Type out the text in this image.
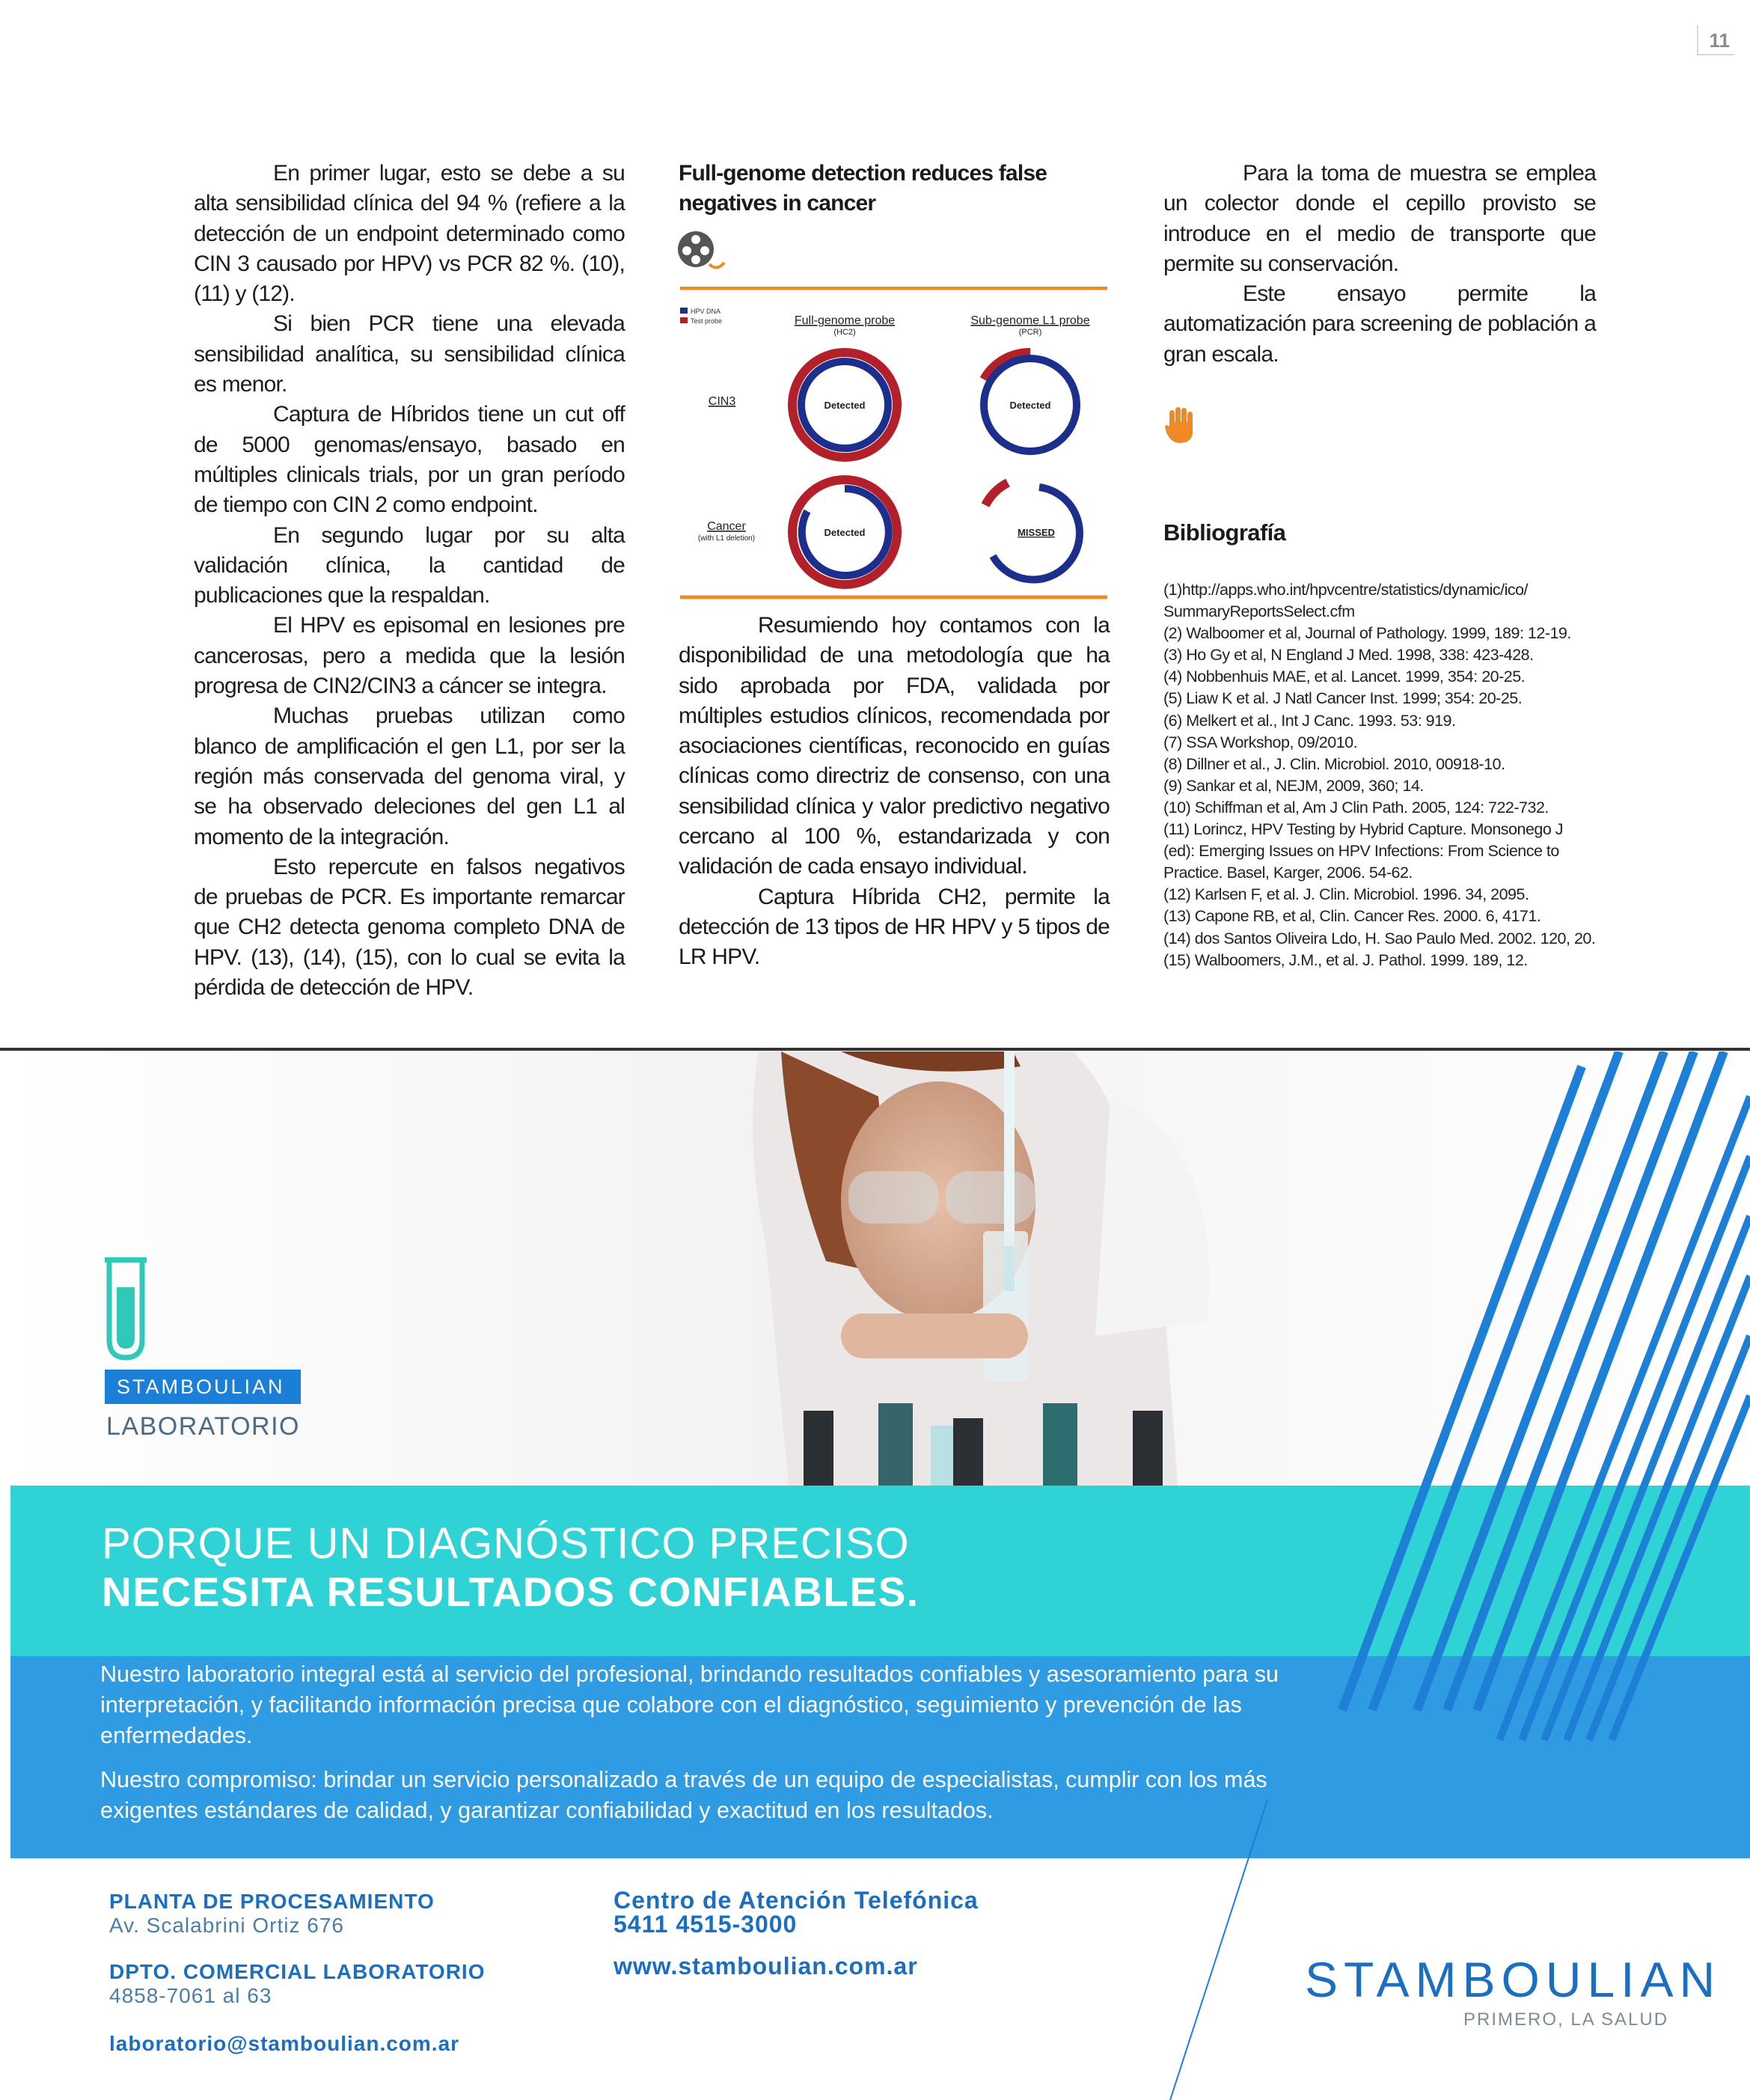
11

En primer lugar, esto se debe a su alta sensibilidad clínica del 94 % (refiere a la detección de un endpoint determinado como CIN 3 causado por HPV) vs PCR 82 %. (10), (11) y (12).

Si bien PCR tiene una elevada sensibilidad analítica, su sensibilidad clínica es menor.

Captura de Híbridos tiene un cut off de 5000 genomas/ensayo, basado en múltiples clinicals trials, por un gran período de tiempo con CIN 2 como endpoint.

En segundo lugar por su alta validación clínica, la cantidad de publicaciones que la respaldan.

El HPV es episomal en lesiones pre cancerosas, pero a medida que la lesión progresa de CIN2/CIN3 a cáncer se integra.

Muchas pruebas utilizan como blanco de amplificación el gen L1, por ser la región más conservada del genoma viral, y se ha observado deleciones del gen L1 al momento de la integración.

Esto repercute en falsos negativos de pruebas de PCR. Es importante remarcar que CH2 detecta genoma completo DNA de HPV. (13), (14), (15), con lo cual se evita la pérdida de detección de HPV.

Full-genome detection reduces false negatives in cancer
HPV DNA
Test probe	Full-genome probe
(HC2)
Sub-genome L1 probe
(PCR)
CIN3
Cancer
(with L1 deletion)
Detected	Detected
Detected	MISSED

Resumiendo hoy contamos con la disponibilidad de una metodología que ha sido aprobada por FDA, validada por múltiples estudios clínicos, recomendada por asociaciones científicas, reconocido en guías clínicas como directriz de consenso, con una sensibilidad clínica y valor predictivo negativo cercano al 100 %, estandarizada y con validación de cada ensayo individual.

Captura Híbrida CH2, permite la detección de 13 tipos de HR HPV y 5 tipos de LR HPV.

Para la toma de muestra se emplea un colector donde el cepillo provisto se introduce en el medio de transporte que permite su conservación.

Este ensayo permite la automatización para screening de población a gran escala.

Bibliografía
(1)http://apps.who.int/hpvcentre/statistics/dynamic/ico/ SummaryReportsSelect.cfm
(2) Walboomer et al, Journal of Pathology. 1999, 189: 12-19.
(3) Ho Gy et al, N England J Med. 1998, 338: 423-428.
(4) Nobbenhuis MAE, et al. Lancet. 1999, 354: 20-25.
(5) Liaw K et al. J Natl Cancer Inst. 1999; 354: 20-25.
(6) Melkert et al., Int J Canc. 1993. 53: 919.
(7) SSA Workshop, 09/2010.
(8) Dillner et al., J. Clin. Microbiol. 2010, 00918-10.
(9) Sankar et al, NEJM, 2009, 360; 14.
(10) Schiffman et al, Am J Clin Path. 2005, 124: 722-732.
(11) Lorincz, HPV Testing by Hybrid Capture. Monsonego J (ed): Emerging Issues on HPV Infections: From Science to Practice. Basel, Karger, 2006. 54-62.
(12) Karlsen F, et al. J. Clin. Microbiol. 1996. 34, 2095.
(13) Capone RB, et al, Clin. Cancer Res. 2000. 6, 4171.
(14) dos Santos Oliveira Ldo, H. Sao Paulo Med. 2002. 120, 20.
(15) Walboomers, J.M., et al. J. Pathol. 1999. 189, 12.
STAMBOULIAN
LABORATORIO
PORQUE UN DIAGNÓSTICO PRECISO
NECESITA RESULTADOS CONFIABLES.

Nuestro laboratorio integral está al servicio del profesional, brindando resultados confiables y asesoramiento para su interpretación, y facilitando información precisa que colabore con el diagnóstico, seguimiento y prevención de las enfermedades.

Nuestro compromiso: brindar un servicio personalizado a través de un equipo de especialistas, cumplir con los más exigentes estándares de calidad, y garantizar confiabilidad y exactitud en los resultados.

PLANTA DE PROCESAMIENTO
Av. Scalabrini Ortiz 676
DPTO. COMERCIAL LABORATORIO
4858-7061 al 63
laboratorio@stamboulian.com.ar
Centro de Atención Telefónica
5411 4515-3000
www.stamboulian.com.ar	STAMBOULIAN
PRIMERO, LA SALUD
